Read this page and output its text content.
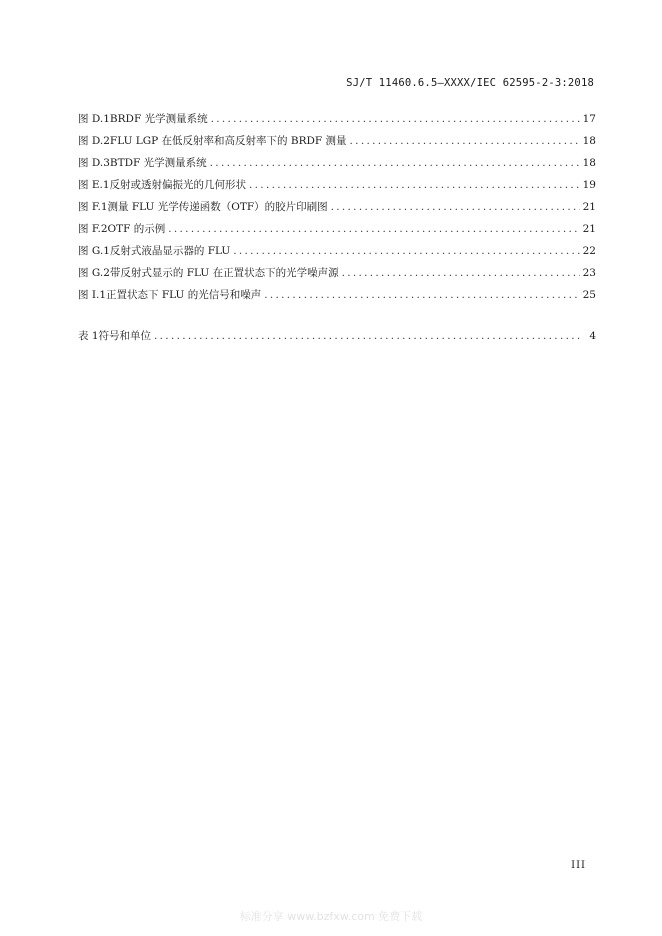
SJ/T 11460.6.5—XXXX/IEC 62595-2-3:2018
图 D.1 BRDF 光学测量系统 .....	17
图 D.2 FLU LGP 在低反射率和高反射率下的 BRDF 测量 .....	18
图 D.3 BTDF 光学测量系统 .....	18
图 E.1 反射或透射偏振光的几何形状 .....	19
图 F.1 测量 FLU 光学传递函数（OTF）的胶片印刷图 .....	21
图 F.2 OTF 的示例 .....	21
图 G.1 反射式液晶显示器的 FLU .....	22
图 G.2 带反射式显示的 FLU 在正置状态下的光学噪声源 .....	23
图 I.1 正置状态下 FLU 的光信号和噪声 .....	25
表 1 符号和单位 .....	4
III
标准分享 www.bzfxw.com 免费下载
